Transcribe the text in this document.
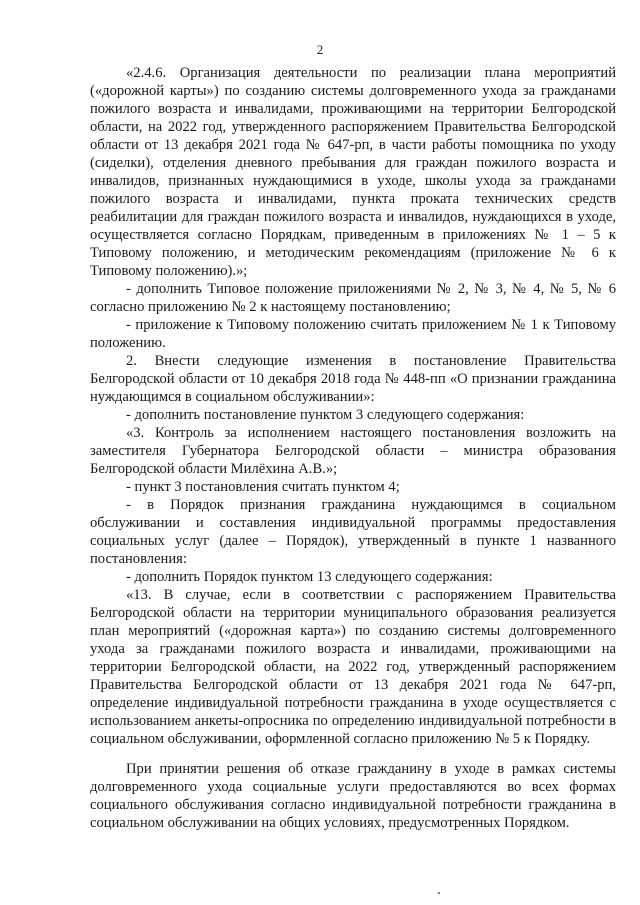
2

«2.4.6. Организация деятельности по реализации плана мероприятий («дорожной карты») по созданию системы долговременного ухода за гражданами пожилого возраста и инвалидами, проживающими на территории Белгородской области, на 2022 год, утвержденного распоряжением Правительства Белгородской области от 13 декабря 2021 года № 647-рп, в части работы помощника по уходу (сиделки), отделения дневного пребывания для граждан пожилого возраста и инвалидов, признанных нуждающимися в уходе, школы ухода за гражданами пожилого возраста и инвалидами, пункта проката технических средств реабилитации для граждан пожилого возраста и инвалидов, нуждающихся в уходе, осуществляется согласно Порядкам, приведенным в приложениях № 1 – 5 к Типовому положению, и методическим рекомендациям (приложение № 6 к Типовому положению).»;

- дополнить Типовое положение приложениями № 2, № 3, № 4, № 5, № 6 согласно приложению № 2 к настоящему постановлению;

- приложение к Типовому положению считать приложением № 1 к Типовому положению.

2. Внести следующие изменения в постановление Правительства Белгородской области от 10 декабря 2018 года № 448-пп «О признании гражданина нуждающимся в социальном обслуживании»:

- дополнить постановление пунктом 3 следующего содержания:

«3. Контроль за исполнением настоящего постановления возложить на заместителя Губернатора Белгородской области – министра образования Белгородской области Милёхина А.В.»;

- пункт 3 постановления считать пунктом 4;

- в Порядок признания гражданина нуждающимся в социальном обслуживании и составления индивидуальной программы предоставления социальных услуг (далее – Порядок), утвержденный в пункте 1 названного постановления:

- дополнить Порядок пунктом 13 следующего содержания:

«13. В случае, если в соответствии с распоряжением Правительства Белгородской области на территории муниципального образования реализуется план мероприятий («дорожная карта») по созданию системы долговременного ухода за гражданами пожилого возраста и инвалидами, проживающими на территории Белгородской области, на 2022 год, утвержденный распоряжением Правительства Белгородской области от 13 декабря 2021 года № 647-рп, определение индивидуальной потребности гражданина в уходе осуществляется с использованием анкеты-опросника по определению индивидуальной потребности в социальном обслуживании, оформленной согласно приложению № 5 к Порядку.

При принятии решения об отказе гражданину в уходе в рамках системы долговременного ухода социальные услуги предоставляются во всех формах социального обслуживания согласно индивидуальной потребности гражданина в социальном обслуживании на общих условиях, предусмотренных Порядком.
